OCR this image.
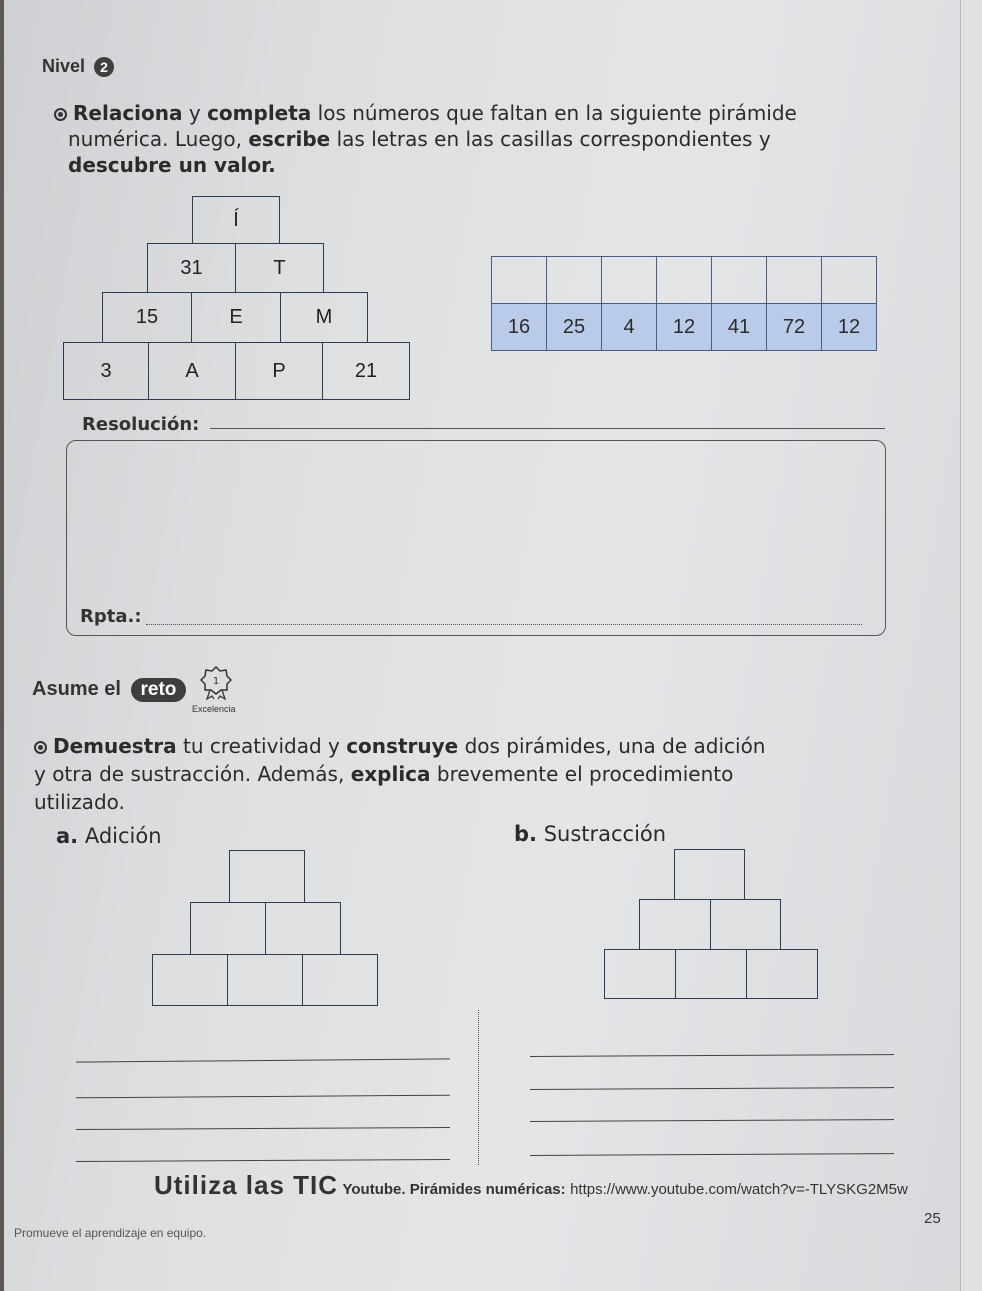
Nivel 2
Relaciona y completa los números que faltan en la siguiente pirámide
numérica. Luego, escribe las letras en las casillas correspondientes y
descubre un valor.
Í
31	T
15	E	M
3	A	P	21

16	25	4	12	41	72	12
Resolución:
Rpta.:
Asume el reto	1
Excelencia
Demuestra tu creatividad y construye dos pirámides, una de adición
y otra de sustracción. Además, explica brevemente el procedimiento
utilizado.
a. Adición	b. Sustracción
Utiliza las TIC Youtube. Pirámides numéricas: https://www.youtube.com/watch?v=-TLYSKG2M5w
25
Promueve el aprendizaje en equipo.
